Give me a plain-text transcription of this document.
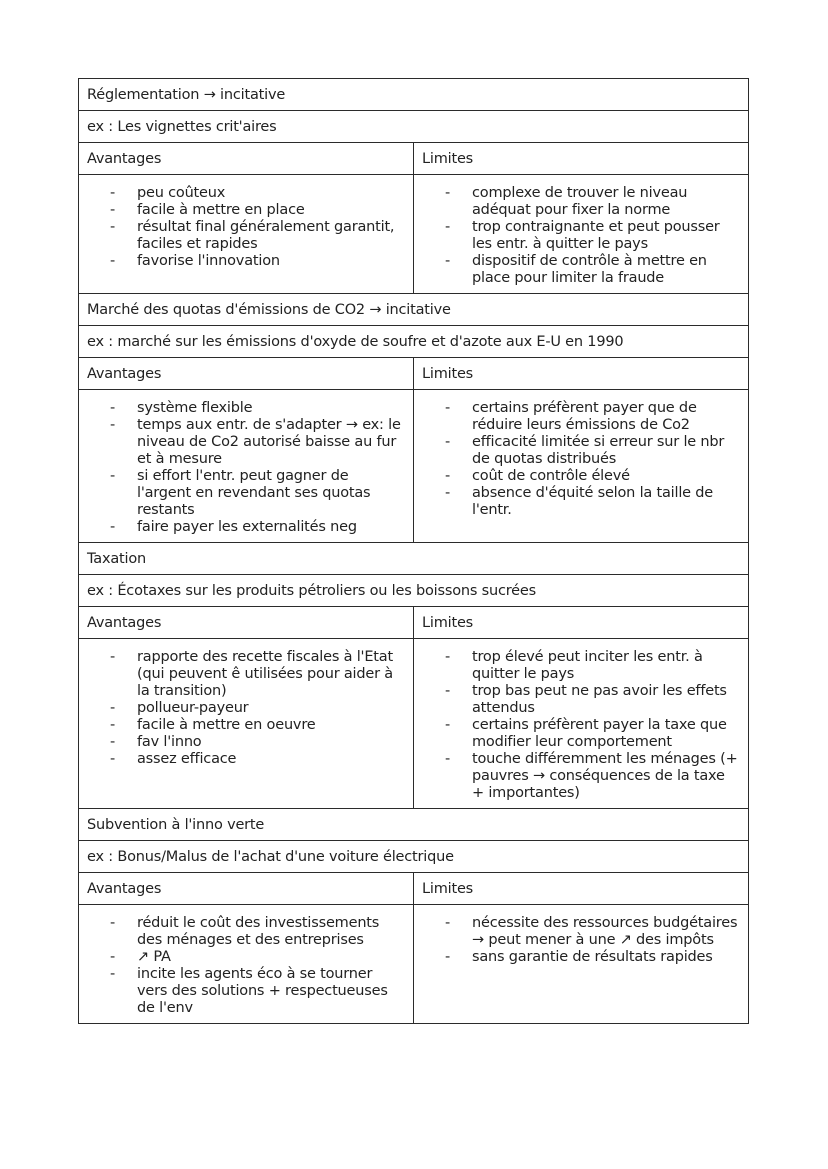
Réglementation → incitative	
ex : Les vignettes crit'aires	
Avantages	Limites

- peu coûteux
- facile à mettre en place
- résultat final généralement garantit, faciles et rapides
- favorise l'innovation

- complexe de trouver le niveau adéquat pour fixer la norme
- trop contraignante et peut pousser les entr. à quitter le pays
- dispositif de contrôle à mettre en place pour limiter la fraude

Marché des quotas d'émissions de CO2 → incitative	
ex : marché sur les émissions d'oxyde de soufre et d'azote aux E-U en 1990	
Avantages	Limites

- système flexible
- temps aux entr. de s'adapter → ex: le niveau de Co2 autorisé baisse au fur et à mesure
- si effort l'entr. peut gagner de l'argent en revendant ses quotas restants
- faire payer les externalités neg

- certains préfèrent payer que de réduire leurs émissions de Co2
- efficacité limitée si erreur sur le nbr de quotas distribués
- coût de contrôle élevé
- absence d'équité selon la taille de l'entr.

Taxation	
ex : Écotaxes sur les produits pétroliers ou les boissons sucrées	
Avantages	Limites

- rapporte des recette fiscales à l'Etat (qui peuvent ê utilisées pour aider à la transition)
- pollueur-payeur
- facile à mettre en oeuvre
- fav l'inno
- assez efficace

- trop élevé peut inciter les entr. à quitter le pays
- trop bas peut ne pas avoir les effets attendus
- certains préfèrent payer la taxe que modifier leur comportement
- touche différemment les ménages (+ pauvres → conséquences de la taxe + importantes)

Subvention à l'inno verte	
ex : Bonus/Malus de l'achat d'une voiture électrique	
Avantages	Limites

- réduit le coût des investissements des ménages et des entreprises
- ↗ PA
- incite les agents éco à se tourner vers des solutions + respectueuses de l'env

- nécessite des ressources budgétaires → peut mener à une ↗ des impôts
- sans garantie de résultats rapides
